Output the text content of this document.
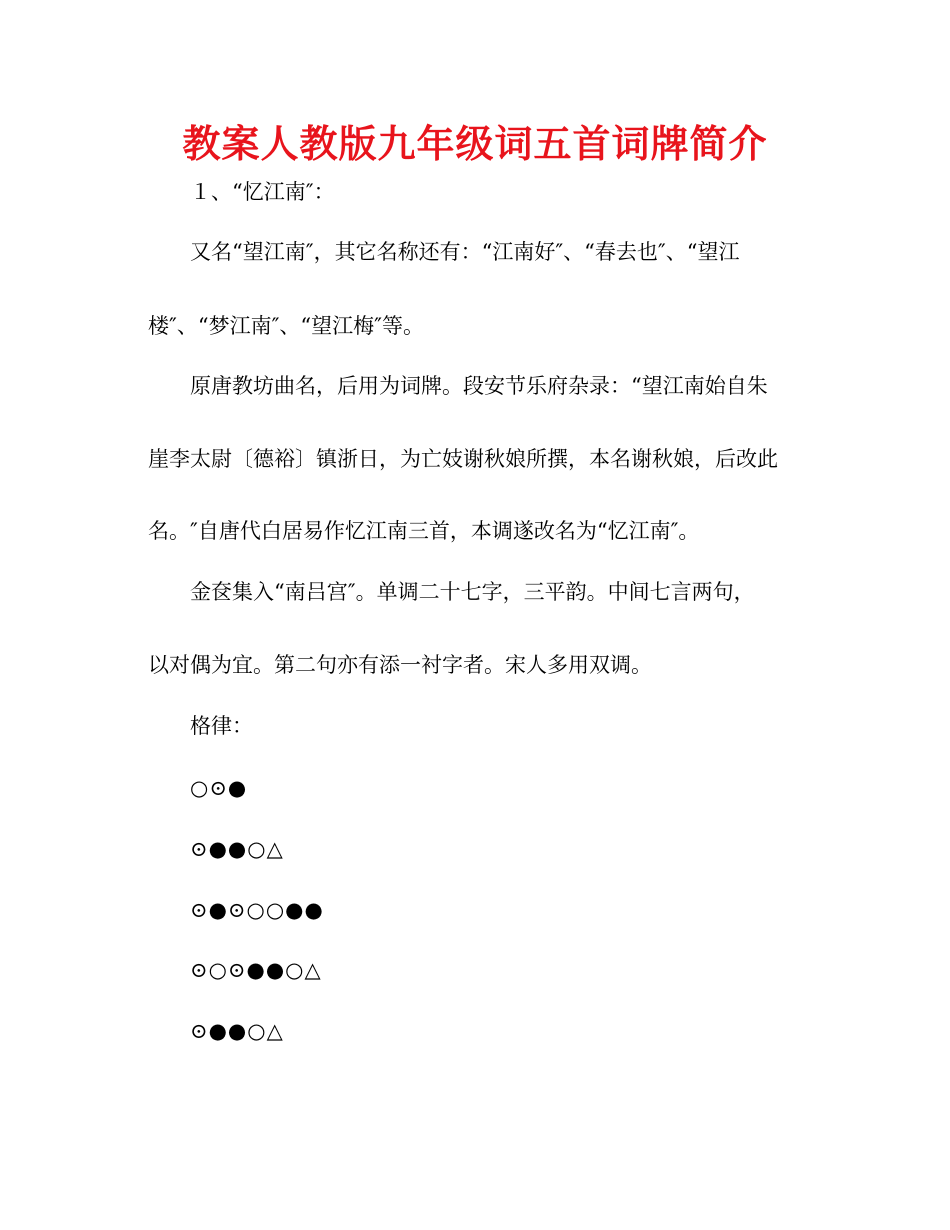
教案人教版九年级词五首词牌简介
１、“忆江南″：
又名“望江南″，其它名称还有：“江南好″、“春去也″、“望江
楼″、“梦江南″、“望江梅″等。
原唐教坊曲名，后用为词牌。段安节乐府杂录：“望江南始自朱
崖李太尉〔德裕〕镇浙日，为亡妓谢秋娘所撰，本名谢秋娘，后改此
名。″自唐代白居易作忆江南三首，本调遂改名为“忆江南″。
金奁集入“南吕宫″。单调二十七字，三平韵。中间七言两句，
以对偶为宜。第二句亦有添一衬字者。宋人多用双调。
格律：
○⊙●
⊙●●○△
⊙●⊙○○●●
⊙○⊙●●○△
⊙●●○△
